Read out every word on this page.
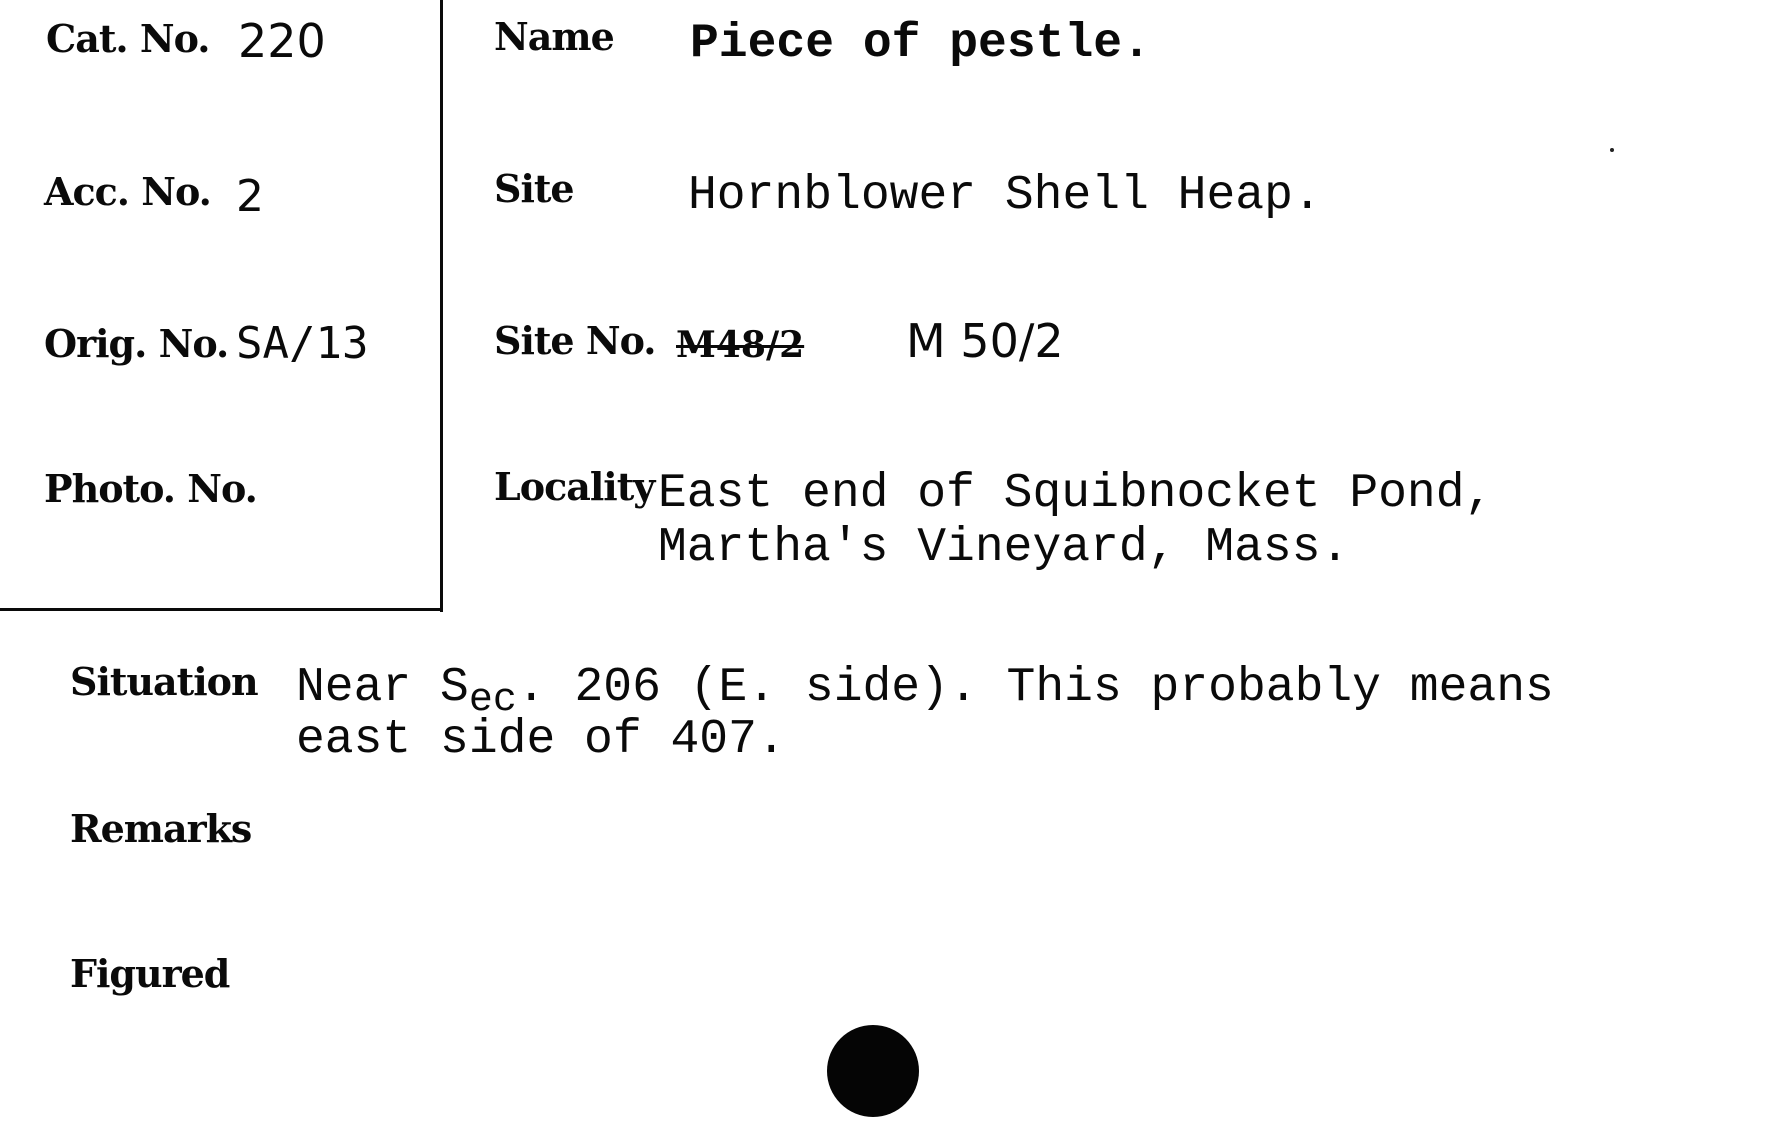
Cat. No. 220
Acc. No. 2
Orig. No. SA/13
Photo. No.
Name Piece of pestle.
Site Hornblower Shell Heap.
Site No. M48/2 M 50/2
Locality East end of Squibnocket Pond,
Martha's Vineyard, Mass.
Situation Near $S_{ec}$. 206 (E. side). This probably means
east side of 407.
Remarks
Figured
